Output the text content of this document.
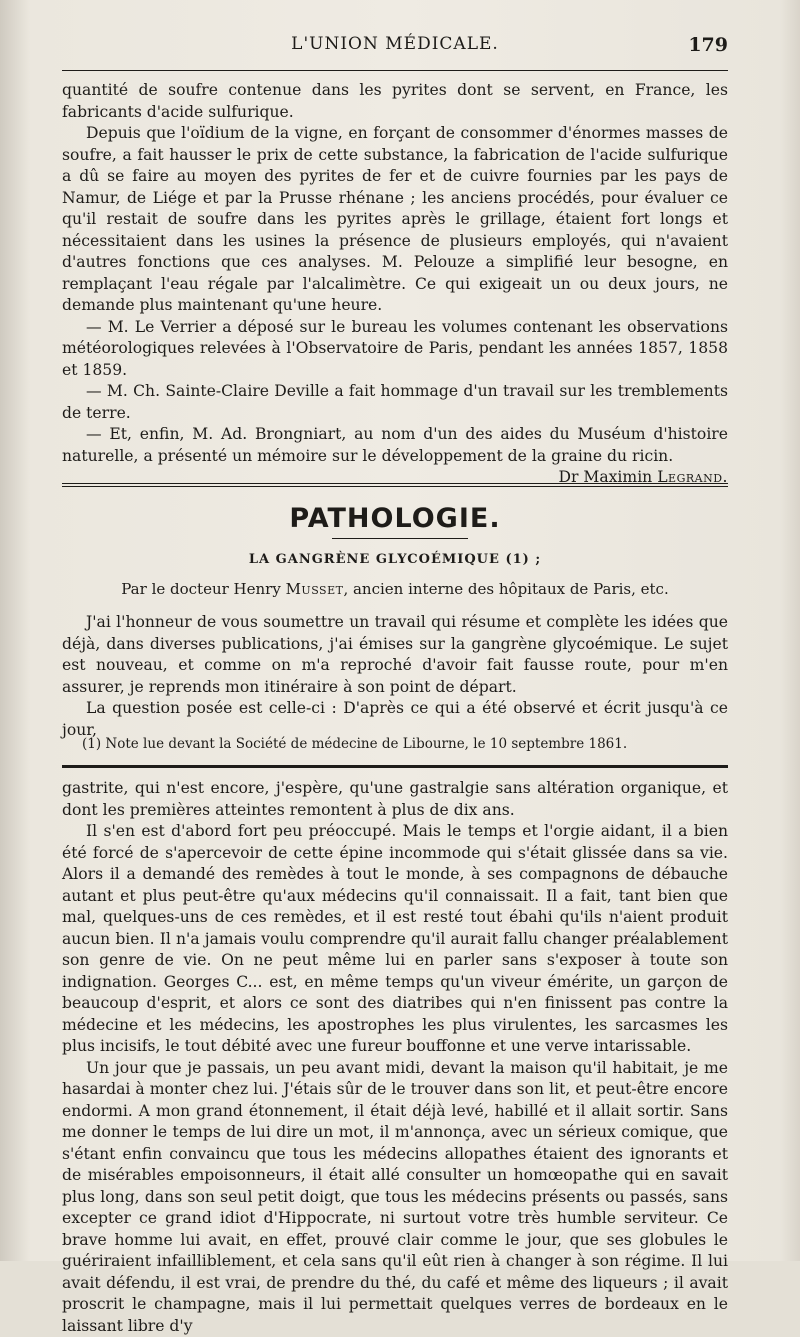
L'UNION MÉDICALE.	179

quantité de soufre contenue dans les pyrites dont se servent, en France, les fabricants d'acide sulfurique.

Depuis que l'oïdium de la vigne, en forçant de consommer d'énormes masses de soufre, a fait hausser le prix de cette substance, la fabrication de l'acide sulfurique a dû se faire au moyen des pyrites de fer et de cuivre fournies par les pays de Namur, de Liége et par la Prusse rhénane ; les anciens procédés, pour évaluer ce qu'il restait de soufre dans les pyrites après le grillage, étaient fort longs et nécessitaient dans les usines la présence de plusieurs employés, qui n'avaient d'autres fonctions que ces analyses. M. Pelouze a simplifié leur besogne, en remplaçant l'eau régale par l'alcalimètre. Ce qui exigeait un ou deux jours, ne demande plus maintenant qu'une heure.

— M. Le Verrier a déposé sur le bureau les volumes contenant les observations météorologiques relevées à l'Observatoire de Paris, pendant les années 1857, 1858 et 1859.

— M. Ch. Sainte-Claire Deville a fait hommage d'un travail sur les tremblements de terre.

— Et, enfin, M. Ad. Brongniart, au nom d'un des aides du Muséum d'histoire naturelle, a présenté un mémoire sur le développement de la graine du ricin.

Dr Maximin Legrand.

PATHOLOGIE.
LA GANGRÈNE GLYCOÉMIQUE (1) ;
Par le docteur Henry Musset, ancien interne des hôpitaux de Paris, etc.

J'ai l'honneur de vous soumettre un travail qui résume et complète les idées que déjà, dans diverses publications, j'ai émises sur la gangrène glycoémique. Le sujet est nouveau, et comme on m'a reproché d'avoir fait fausse route, pour m'en assurer, je reprends mon itinéraire à son point de départ.

La question posée est celle-ci : D'après ce qui a été observé et écrit jusqu'à ce jour,

(1) Note lue devant la Société de médecine de Libourne, le 10 septembre 1861.

gastrite, qui n'est encore, j'espère, qu'une gastralgie sans altération organique, et dont les premières atteintes remontent à plus de dix ans.

Il s'en est d'abord fort peu préoccupé. Mais le temps et l'orgie aidant, il a bien été forcé de s'apercevoir de cette épine incommode qui s'était glissée dans sa vie. Alors il a demandé des remèdes à tout le monde, à ses compagnons de débauche autant et plus peut-être qu'aux médecins qu'il connaissait. Il a fait, tant bien que mal, quelques-uns de ces remèdes, et il est resté tout ébahi qu'ils n'aient produit aucun bien. Il n'a jamais voulu comprendre qu'il aurait fallu changer préalablement son genre de vie. On ne peut même lui en parler sans s'exposer à toute son indignation. Georges C... est, en même temps qu'un viveur émérite, un garçon de beaucoup d'esprit, et alors ce sont des diatribes qui n'en finissent pas contre la médecine et les médecins, les apostrophes les plus virulentes, les sarcasmes les plus incisifs, le tout débité avec une fureur bouffonne et une verve intarissable.

Un jour que je passais, un peu avant midi, devant la maison qu'il habitait, je me hasardai à monter chez lui. J'étais sûr de le trouver dans son lit, et peut-être encore endormi. A mon grand étonnement, il était déjà levé, habillé et il allait sortir. Sans me donner le temps de lui dire un mot, il m'annonça, avec un sérieux comique, que s'étant enfin convaincu que tous les médecins allopathes étaient des ignorants et de misérables empoisonneurs, il était allé consulter un homœopathe qui en savait plus long, dans son seul petit doigt, que tous les médecins présents ou passés, sans excepter ce grand idiot d'Hippocrate, ni surtout votre très humble serviteur. Ce brave homme lui avait, en effet, prouvé clair comme le jour, que ses globules le guériraient infailliblement, et cela sans qu'il eût rien à changer à son régime. Il lui avait défendu, il est vrai, de prendre du thé, du café et même des liqueurs ; il avait proscrit le champagne, mais il lui permettait quelques verres de bordeaux en le laissant libre d'y
